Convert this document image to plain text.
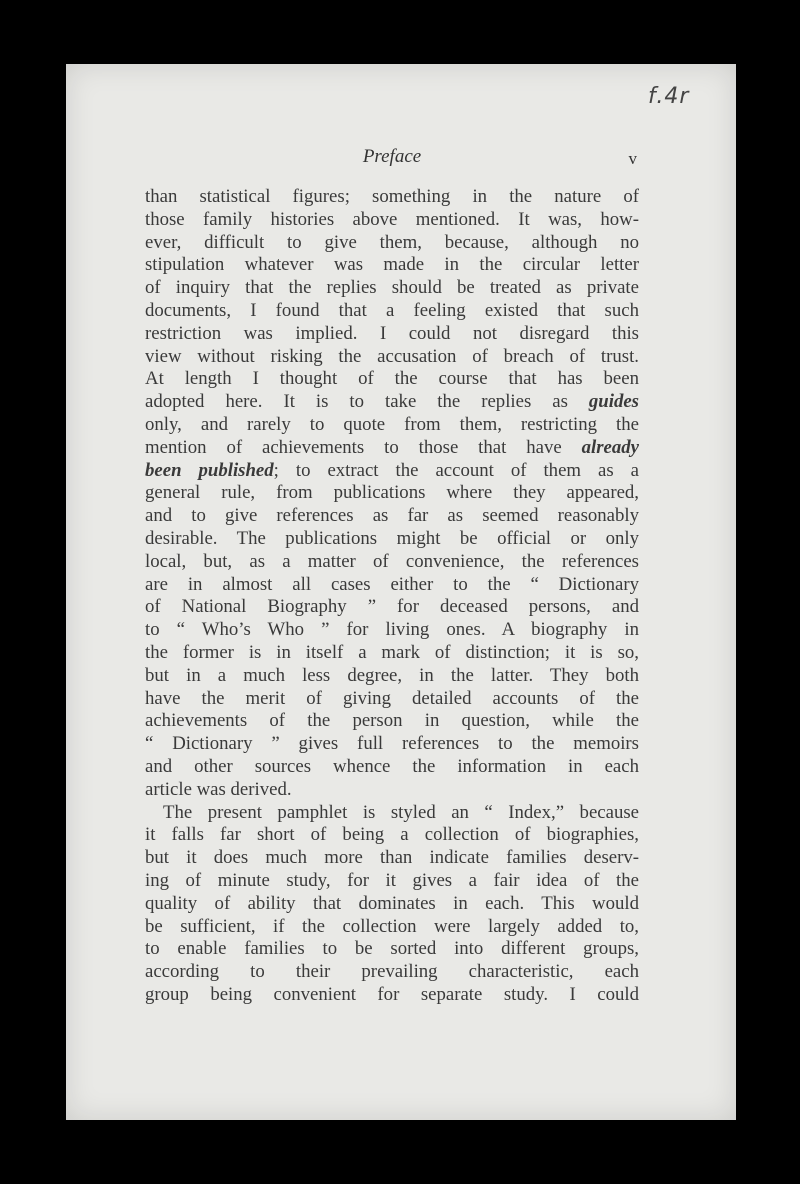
f.4r
Preface	v
than statistical figures; something in the nature of
those family histories above mentioned. It was, how-
ever, difficult to give them, because, although no
stipulation whatever was made in the circular letter
of inquiry that the replies should be treated as private
documents, I found that a feeling existed that such
restriction was implied. I could not disregard this
view without risking the accusation of breach of trust.
At length I thought of the course that has been
adopted here. It is to take the replies as guides
only, and rarely to quote from them, restricting the
mention of achievements to those that have already
been published; to extract the account of them as a
general rule, from publications where they appeared,
and to give references as far as seemed reasonably
desirable. The publications might be official or only
local, but, as a matter of convenience, the references
are in almost all cases either to the “ Dictionary
of National Biography ” for deceased persons, and
to “ Who’s Who ” for living ones. A biography in
the former is in itself a mark of distinction; it is so,
but in a much less degree, in the latter. They both
have the merit of giving detailed accounts of the
achievements of the person in question, while the
“ Dictionary ” gives full references to the memoirs
and other sources whence the information in each
article was derived.
The present pamphlet is styled an “ Index,” because
it falls far short of being a collection of biographies,
but it does much more than indicate families deserv-
ing of minute study, for it gives a fair idea of the
quality of ability that dominates in each. This would
be sufficient, if the collection were largely added to,
to enable families to be sorted into different groups,
according to their prevailing characteristic, each
group being convenient for separate study. I could
